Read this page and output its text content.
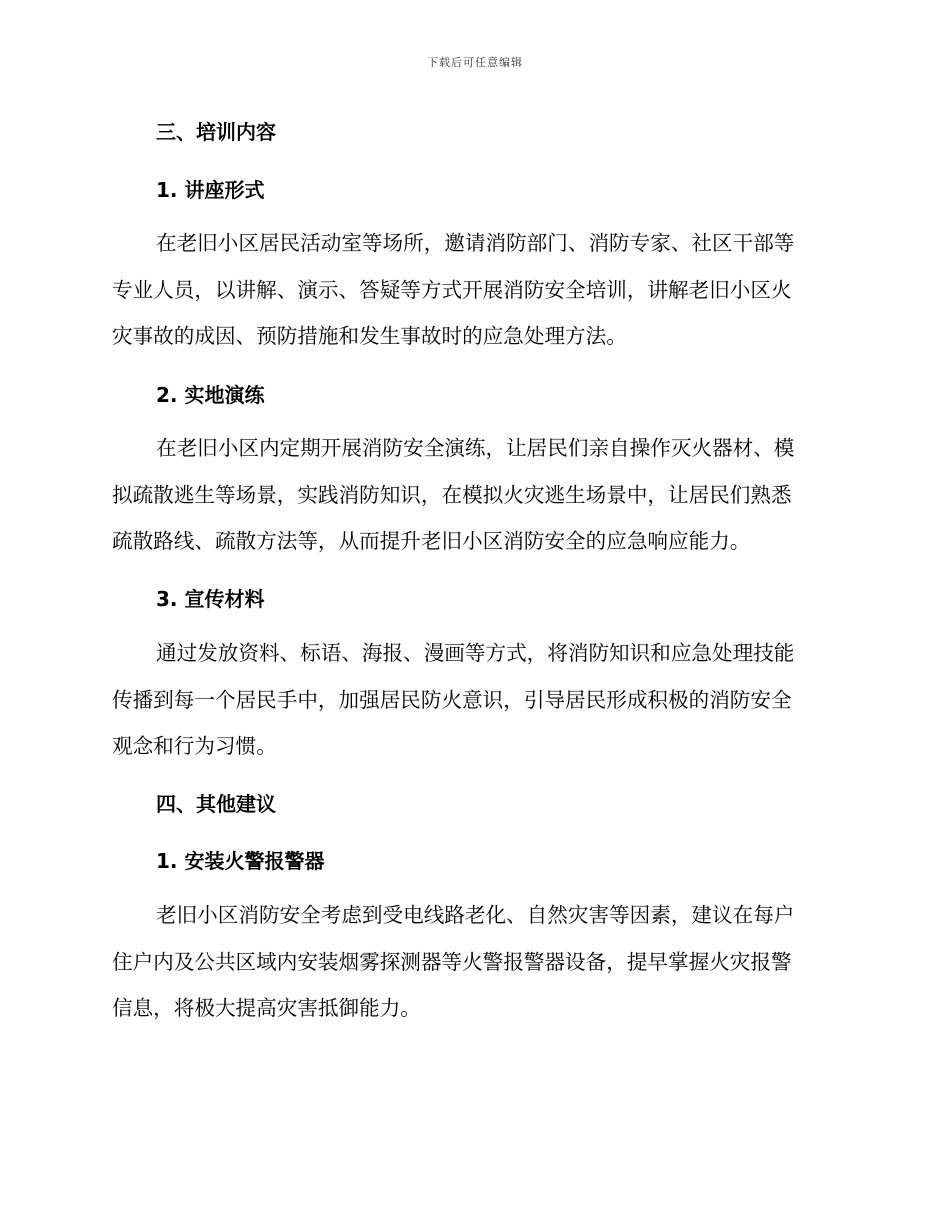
下载后可任意编辑
三、培训内容
1. 讲座形式

在老旧小区居民活动室等场所，邀请消防部门、消防专家、社区干部等
专业人员，以讲解、演示、答疑等方式开展消防安全培训，讲解老旧小区火
灾事故的成因、预防措施和发生事故时的应急处理方法。

2. 实地演练

在老旧小区内定期开展消防安全演练，让居民们亲自操作灭火器材、模
拟疏散逃生等场景，实践消防知识，在模拟火灾逃生场景中，让居民们熟悉
疏散路线、疏散方法等，从而提升老旧小区消防安全的应急响应能力。

3. 宣传材料

通过发放资料、标语、海报、漫画等方式，将消防知识和应急处理技能
传播到每一个居民手中，加强居民防火意识，引导居民形成积极的消防安全
观念和行为习惯。

四、其他建议
1. 安装火警报警器

老旧小区消防安全考虑到受电线路老化、自然灾害等因素，建议在每户
住户内及公共区域内安装烟雾探测器等火警报警器设备，提早掌握火灾报警
信息，将极大提高灾害抵御能力。
